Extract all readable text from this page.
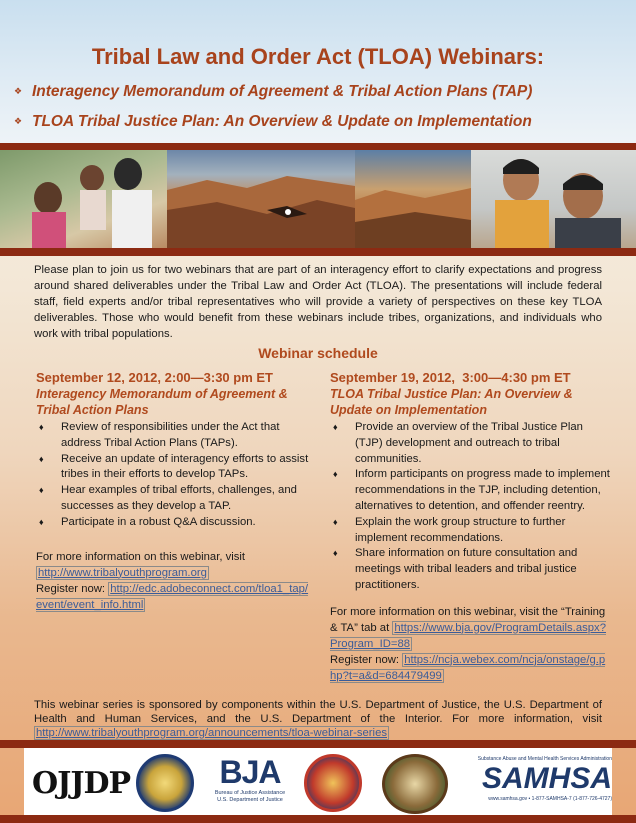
Tribal Law and Order Act (TLOA) Webinars:
❖ Interagency Memorandum of Agreement & Tribal Action Plans (TAP)
❖ TLOA Tribal Justice Plan: An Overview & Update on Implementation

Please plan to join us for two webinars that are part of an interagency effort to clarify expectations and progress around shared deliverables under the Tribal Law and Order Act (TLOA). The presentations will include federal staff, field experts and/or tribal representatives who will provide a variety of perspectives on these key TLOA deliverables. Those who would benefit from these webinars include tribes, organizations, and individuals who work with tribal populations.

Webinar schedule
September 12, 2012, 2:00—3:30 pm ET
Interagency Memorandum of Agreement & Tribal Action Plans
♦ Review of responsibilities under the Act that address Tribal Action Plans (TAPs).
♦ Receive an update of interagency efforts to assist tribes in their efforts to develop TAPs.
♦ Hear examples of tribal efforts, challenges, and successes as they develop a TAP.
♦ Participate in a robust Q&A discussion.
For more information on this webinar, visit
http://www.tribalyouthprogram.org
Register now: http://edc.adobeconnect.com/tloa1_tap/event/event_info.html
September 19, 2012,  3:00—4:30 pm ET
TLOA Tribal Justice Plan: An Overview & Update on Implementation
♦ Provide an overview of the Tribal Justice Plan (TJP) development and outreach to tribal communities.
♦ Inform participants on progress made to implement recommendations in the TJP, including detention, alternatives to detention, and offender reentry.
♦ Explain the work group structure to further implement recommendations.
♦ Share information on future consultation and meetings with tribal leaders and tribal justice practitioners.
For more information on this webinar, visit the “Training & TA” tab at https://www.bja.gov/ProgramDetails.aspx?Program_ID=88
Register now: https://ncja.webex.com/ncja/onstage/g.php?t=a&d=684479499

This webinar series is sponsored by components within the U.S. Department of Justice, the U.S. Department of Health and Human Services, and the U.S. Department of the Interior. For more information, visit http://www.tribalyouthprogram.org/announcements/tloa-webinar-series

OJJDP	BJA
Bureau of Justice Assistance
U.S. Department of Justice
Substance Abuse and Mental Health Services Administration
SAMHSA
www.samhsa.gov • 1-877-SAMHSA-7 (1-877-726-4727)
